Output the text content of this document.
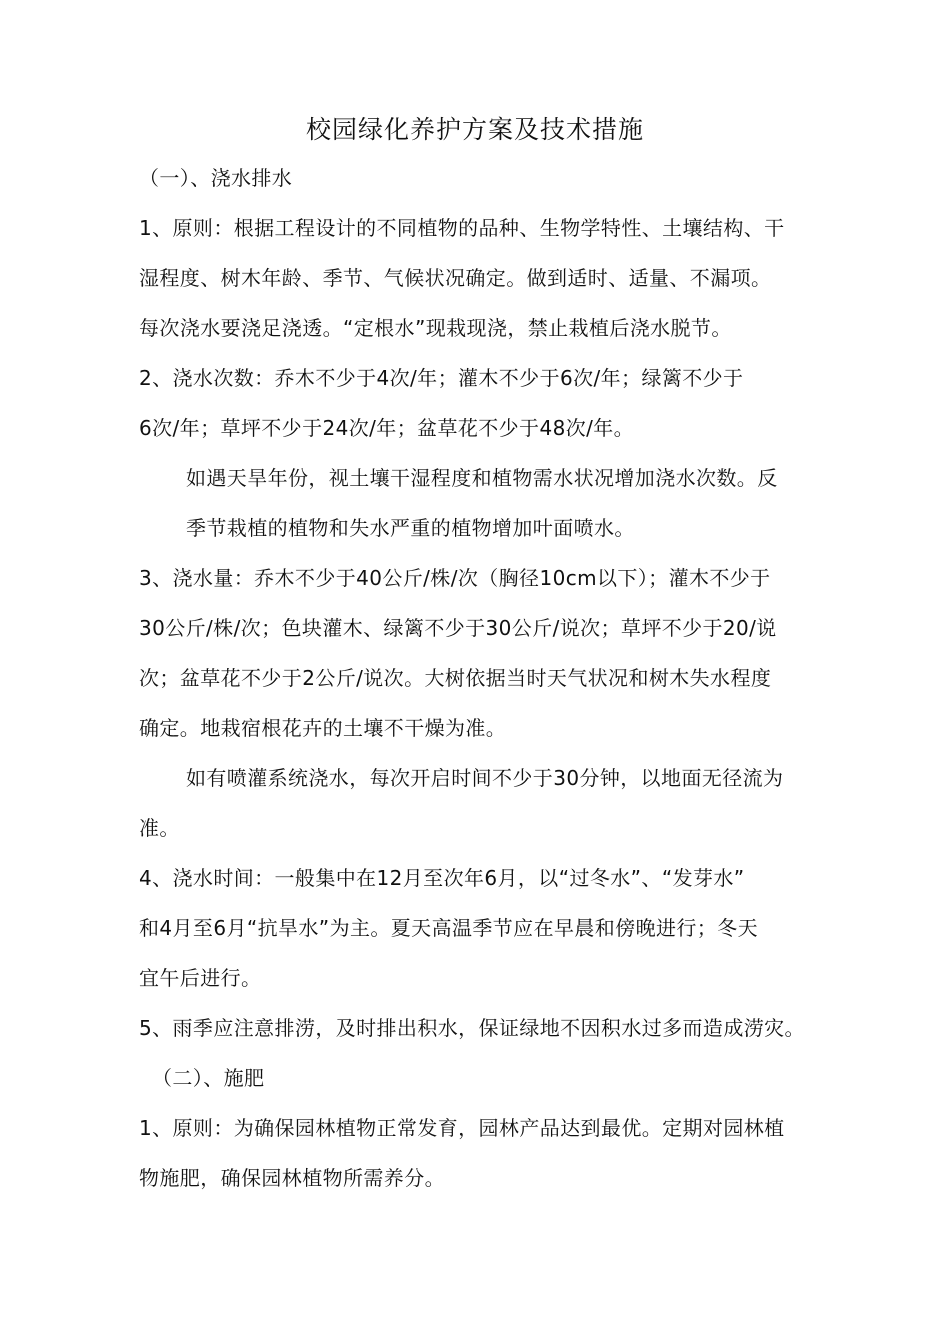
校园绿化养护方案及技术措施
（一）、浇水排水
1、原则：根据工程设计的不同植物的品种、生物学特性、土壤结构、干
湿程度、树木年龄、季节、气候状况确定。做到适时、适量、不漏项。
每次浇水要浇足浇透。“定根水”现栽现浇，禁止栽植后浇水脱节。
2、浇水次数：乔木不少于4次/年；灌木不少于6次/年；绿篱不少于
6次/年；草坪不少于24次/年；盆草花不少于48次/年。
如遇天旱年份，视土壤干湿程度和植物需水状况增加浇水次数。反
季节栽植的植物和失水严重的植物增加叶面喷水。
3、浇水量：乔木不少于40公斤/株/次（胸径10cm以下）；灌木不少于
30公斤/株/次；色块灌木、绿篱不少于30公斤/说次；草坪不少于20/说
次；盆草花不少于2公斤/说次。大树依据当时天气状况和树木失水程度
确定。地栽宿根花卉的土壤不干燥为准。
如有喷灌系统浇水，每次开启时间不少于30分钟，以地面无径流为
准。
4、浇水时间：一般集中在12月至次年6月，以“过冬水”、“发芽水”
和4月至6月“抗旱水”为主。夏天高温季节应在早晨和傍晚进行；冬天
宜午后进行。
5、雨季应注意排涝，及时排出积水，保证绿地不因积水过多而造成涝灾。
（二）、施肥
1、原则：为确保园林植物正常发育，园林产品达到最优。定期对园林植
物施肥，确保园林植物所需养分。
